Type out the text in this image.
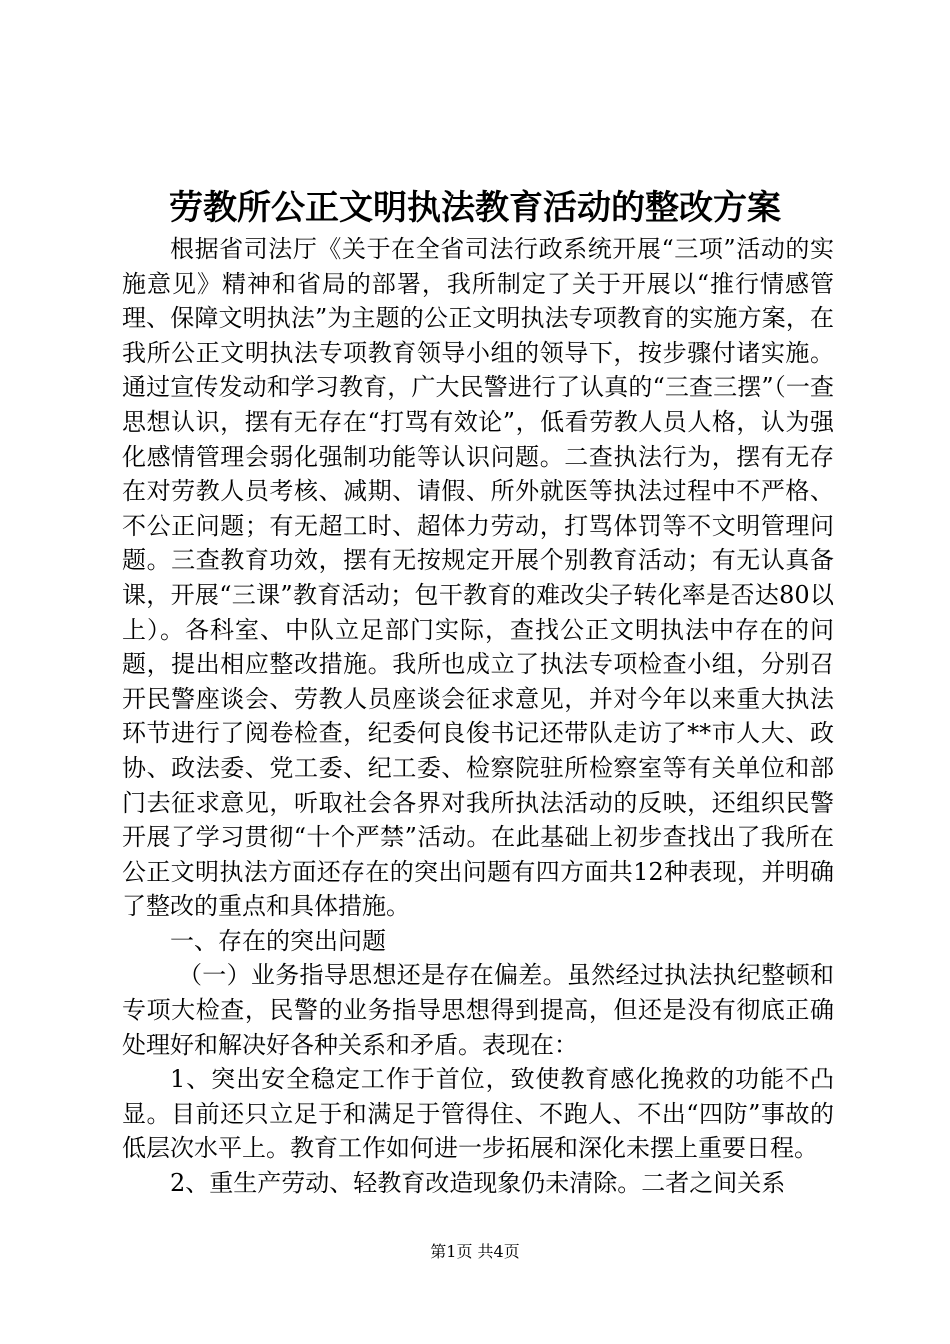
劳教所公正文明执法教育活动的整改方案

根据省司法厅《关于在全省司法行政系统开展“三项”活动的实施意见》精神和省局的部署，我所制定了关于开展以“推行情感管理、保障文明执法”为主题的公正文明执法专项教育的实施方案，在我所公正文明执法专项教育领导小组的领导下，按步骤付诸实施。通过宣传发动和学习教育，广大民警进行了认真的“三查三摆”（一查思想认识，摆有无存在“打骂有效论”，低看劳教人员人格，认为强化感情管理会弱化强制功能等认识问题。二查执法行为，摆有无存在对劳教人员考核、减期、请假、所外就医等执法过程中不严格、不公正问题；有无超工时、超体力劳动，打骂体罚等不文明管理问题。三查教育功效，摆有无按规定开展个别教育活动；有无认真备课，开展“三课”教育活动；包干教育的难改尖子转化率是否达80以上）。各科室、中队立足部门实际，查找公正文明执法中存在的问题，提出相应整改措施。我所也成立了执法专项检查小组，分别召开民警座谈会、劳教人员座谈会征求意见，并对今年以来重大执法环节进行了阅卷检查，纪委何良俊书记还带队走访了**市人大、政协、政法委、党工委、纪工委、检察院驻所检察室等有关单位和部门去征求意见，听取社会各界对我所执法活动的反映，还组织民警开展了学习贯彻“十个严禁”活动。在此基础上初步查找出了我所在公正文明执法方面还存在的突出问题有四方面共12种表现，并明确了整改的重点和具体措施。

一、存在的突出问题

（一）业务指导思想还是存在偏差。虽然经过执法执纪整顿和专项大检查，民警的业务指导思想得到提高，但还是没有彻底正确处理好和解决好各种关系和矛盾。表现在：

1、突出安全稳定工作于首位，致使教育感化挽救的功能不凸显。目前还只立足于和满足于管得住、不跑人、不出“四防”事故的低层次水平上。教育工作如何进一步拓展和深化未摆上重要日程。

2、重生产劳动、轻教育改造现象仍未清除。二者之间关系

第1页 共4页
